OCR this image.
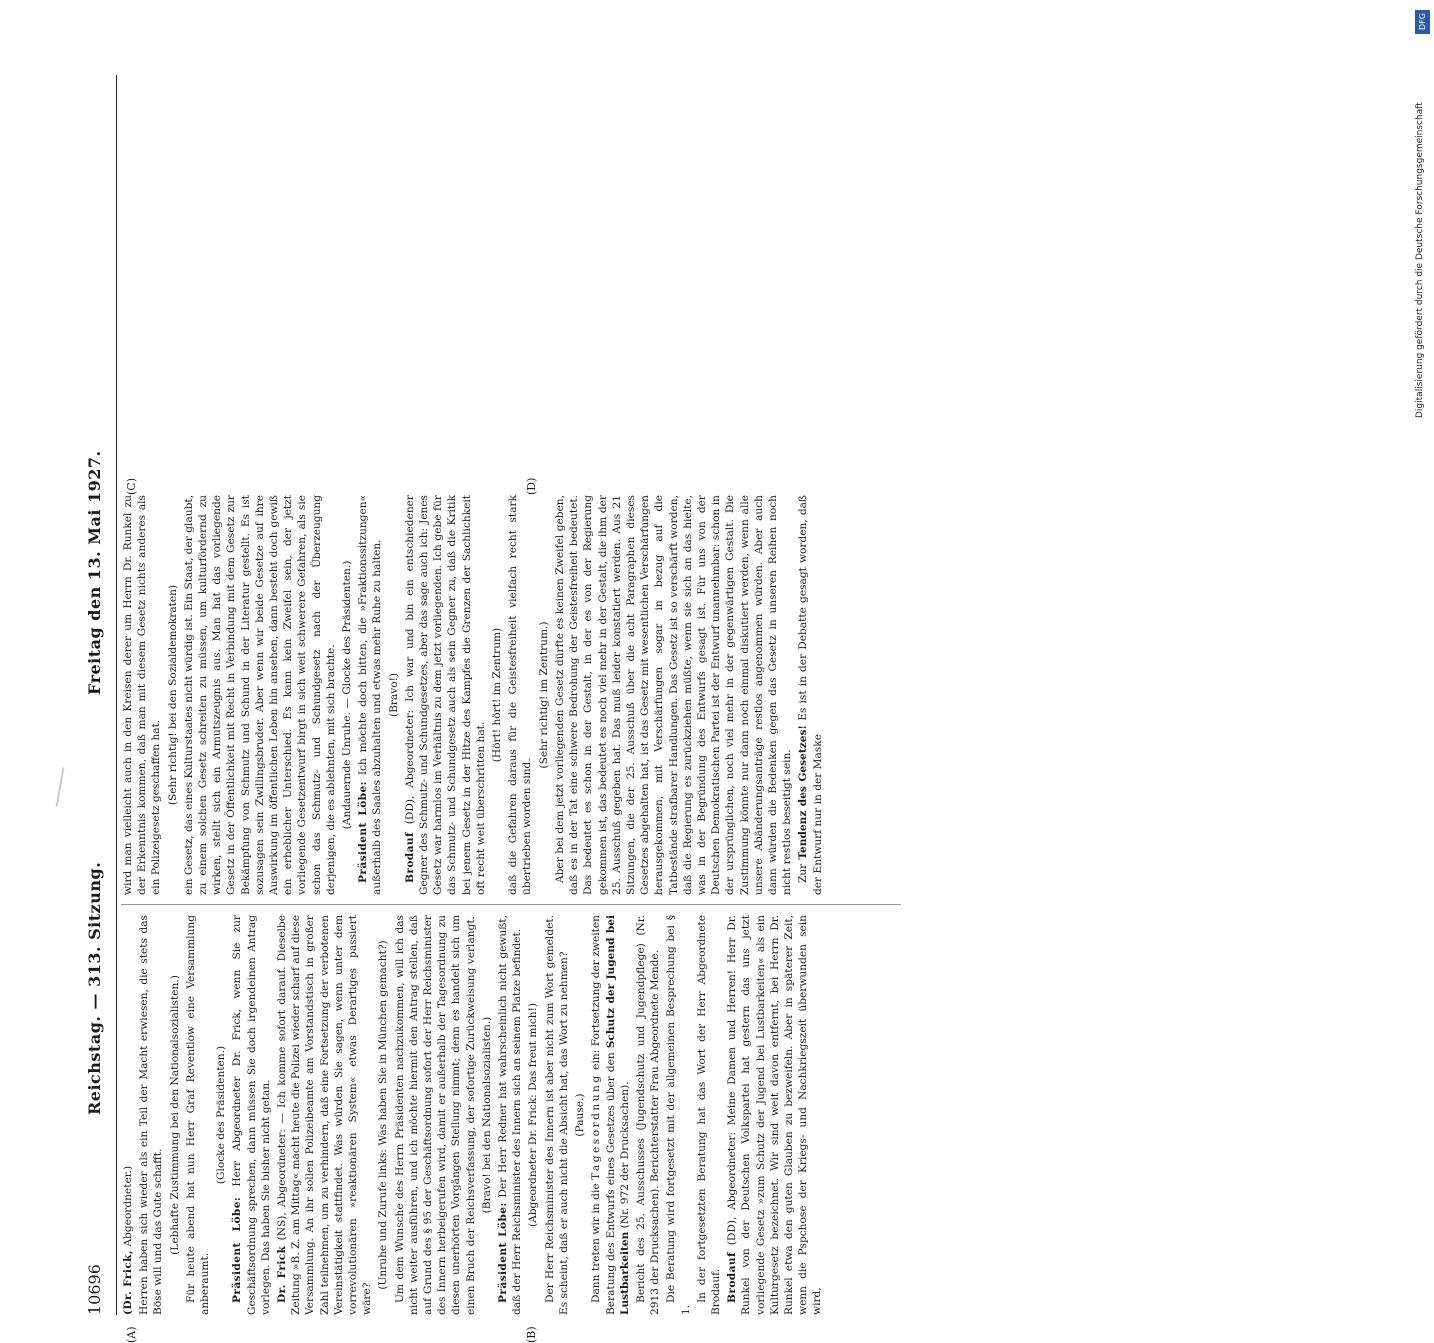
10696
Reichstag. — 313. Sitzung.
Freitag den 13. Mai 1927.
(A)	(B)
(C)	(D)

(Dr. Frick, Abgeordneter.) Herren haben sich wieder als ein Teil der Macht erwiesen, die stets das Böse will und das Gute schafft. (Lebhafte Zustimmung bei den Nationalsozialisten.) Für heute abend hat nun Herr Graf Reventlow eine Versammlung anberaumt.

(Glocke des Präsidenten.)

Präsident Löbe: Herr Abgeordneter Dr. Frick, wenn Sie zur Geschäftsordnung sprechen, dann müssen Sie doch irgendeinen Antrag vorlegen. Das haben Sie bisher nicht getan. Dr. Frick (NS), Abgeordneter: — Ich komme sofort darauf. Dieselbe Zeitung »B. Z. am Mittag« macht heute die Polizei wieder scharf auf diese Versammlung. An ihr sollen Polizeibeamte am Vorstandstisch in großer Zahl teilnehmen, um zu verhindern, daß eine Fortsetzung der verbotenen Vereinstätigkeit stattfindet. Was würden Sie sagen, wenn unter dem vorrevolutionären »reaktionären System« etwas Derartiges passiert wäre?

(Unruhe und Zurufe links: Was haben Sie in München gemacht?) Um dem Wunsche des Herrn Präsidenten nachzukommen, will ich das nicht weiter ausführen, und ich möchte hiermit den Antrag stellen, daß auf Grund des § 95 der Geschäftsordnung sofort der Herr Reichsminister des Innern herbeigerufen wird, damit er außerhalb der Tagesordnung zu diesen unerhörten Vorgängen Stellung nimmt; denn es handelt sich um einen Bruch der Reichsverfassung, der sofortige Zurückweisung verlangt. (Bravo! bei den Nationalsozialisten.)

Präsident Löbe: Der Herr Redner hat wahrscheinlich nicht gewußt, daß der Herr Reichsminister des Innern sich an seinem Platze befindet. (Abgeordneter Dr. Frick: Das freut mich!) Der Herr Reichsminister des Innern ist aber nicht zum Wort gemeldet. Es scheint, daß er auch nicht die Absicht hat, das Wort zu nehmen? (Pause.)

Dann treten wir in die Tagesordnung ein: Fortsetzung der zweiten Beratung des Entwurfs eines Gesetzes über den Schutz der Jugend bei Lustbarkeiten (Nr. 972 der Drucksachen). Bericht des 25. Ausschusses (Jugendschutz und Jugendpflege) (Nr. 2913 der Drucksachen). Berichterstatter Frau Abgeordnete Mende. Die Beratung wird fortgesetzt mit der allgemeinen Besprechung bei § 1.

In der fortgesetzten Beratung hat das Wort der Herr Abgeordnete Brodauf. Brodauf (DD), Abgeordneter: Meine Damen und Herren! Herr Dr. Runkel von der Deutschen Volkspartei hat gestern das uns jetzt vorliegende Gesetz »zum Schutz der Jugend bei Lustbarkeiten« als ein Kulturgesetz bezeichnet. Wir sind weit davon entfernt, bei Herrn Dr. Runkel etwa den guten Glauben zu bezweifeln. Aber in späterer Zeit, wenn die Pspchose der Kriegs- und Nachkriegszeit überwunden sein wird,

wird man vielleicht auch in den Kreisen derer um Herrn Dr. Runkel zu der Erkenntnis kommen, daß man mit diesem Gesetz nichts anderes als ein Polizeigesetz geschaffen hat.

(Sehr richtig! bei den Sozialdemokraten) ein Gesetz, das eines Kulturstaates nicht würdig ist. Ein Staat, der glaubt, zu einem solchen Gesetz schreiten zu müssen, um kulturfördernd zu wirken, stellt sich ein Armutszeugnis aus. Man hat das vorliegende Gesetz in der Öffentlichkeit mit Recht in Verbindung mit dem Gesetz zur Bekämpfung von Schmutz und Schund in der Literatur gestellt. Es ist sozusagen sein Zwillingsbruder. Aber wenn wir beide Gesetze auf ihre Auswirkung im öffentlichen Leben hin ansehen, dann besteht doch gewiß ein erheblicher Unterschied. Es kann kein Zweifel sein, der jetzt vorliegende Gesetzentwurf birgt in sich weit schwerere Gefahren, als sie schon das Schmutz- und Schundgesetz nach der Überzeugung derjenigen, die es ablehnten, mit sich brachte. (Andauernde Unruhe. — Glocke des Präsidenten.)

Präsident Löbe: Ich möchte doch bitten, die »Fraktionssitzungen« außerhalb des Saales abzuhalten und etwas mehr Ruhe zu halten. (Bravo!)

Brodauf (DD), Abgeordneter: Ich war und bin ein entschiedener Gegner des Schmutz- und Schundgesetzes, aber das sage auch ich: Jenes Gesetz war harmlos im Verhältnis zu dem jetzt vorliegenden. Ich gebe für das Schmutz- und Schundgesetz auch als sein Gegner zu, daß die Kritik bei jenem Gesetz in der Hitze des Kampfes die Grenzen der Sachlichkeit oft recht weit überschritten hat.

(Hört! hört! im Zentrum) daß die Gefahren daraus für die Geistesfreiheit vielfach recht stark übertrieben worden sind.

(Sehr richtig! im Zentrum.) Aber bei dem jetzt vorliegenden Gesetz dürfte es keinen Zweifel geben, daß es in der Tat eine schwere Bedrohung der Geistesfreiheit bedeutet. Das bedeutet es schon in der Gestalt, in der es von der Regierung gekommen ist, das bedeutet es noch viel mehr in der Gestalt, die ihm der 25. Ausschuß gegeben hat. Das muß leider konstatiert werden. Aus 21 Sitzungen, die der 25. Ausschuß über die acht Paragraphen dieses Gesetzes abgehalten hat, ist das Gesetz mit wesentlichen Verschärfungen herausgekommen, mit Verschärfungen sogar in bezug auf die Tatbestände strafbarer Handlungen. Das Gesetz ist so verschärft worden, daß die Regierung es zurückziehen müßte, wenn sie sich an das hielte, was in der Begründung des Entwurfs gesagt ist. Für uns von der Deutschen Demokratischen Partei ist der Entwurf unannehmbar: schon in der ursprünglichen, noch viel mehr in der gegenwärtigen Gestalt. Die Zustimmung könnte nur dann noch einmal diskutiert werden, wenn alle unsere Abänderungsanträge restlos angenommen würden. Aber auch dann würden die Bedenken gegen das Gesetz in unseren Reihen noch nicht restlos beseitigt sein. Zur Tendenz des Gesetzes! Es ist in der Debatte gesagt worden, daß der Entwurf nur in der Maske

DFG
Digitalisierung gefördert durch die Deutsche Forschungsgemeinschaft
